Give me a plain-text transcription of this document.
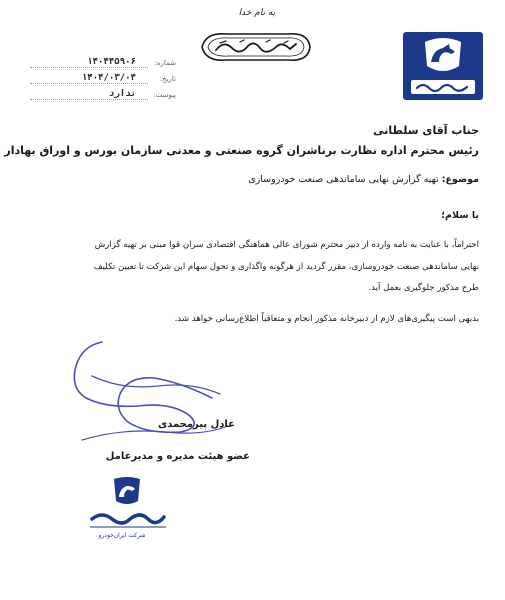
به نام خدا
شماره:
۱۴۰۴۴۵۹۰۶
تاریخ:
۱۴۰۴/۰۳/۰۴
پیوست:
ندارد
جناب آقای سلطانی
رئیس محترم اداره نظارت برناشران گروه صنعتی و معدنی سازمان بورس و اوراق بهادار
موضوع: تهیه گزارش نهایی ساماندهی صنعت خودروسازی
با سلام؛
احتراماً، با عنایت به نامه وارده از دبیر محترم شورای عالی هماهنگی اقتصادی سران قوا مبنی بر تهیه گزارش
نهایی ساماندهی صنعت خودروسازی، مقرر گردید از هرگونه واگذاری و تحول سهام این شرکت تا تعیین تکلیف
طرح مذکور جلوگیری بعمل آید.
بدیهی است پیگیری‌های لازم از دبیرخانه مذکور انجام و متعاقباً اطلاع‌رسانی خواهد شد.
عادل پیرمحمدی
عضو هیئت مدیره و مدیرعامل
شرکت ایران‌خودرو
